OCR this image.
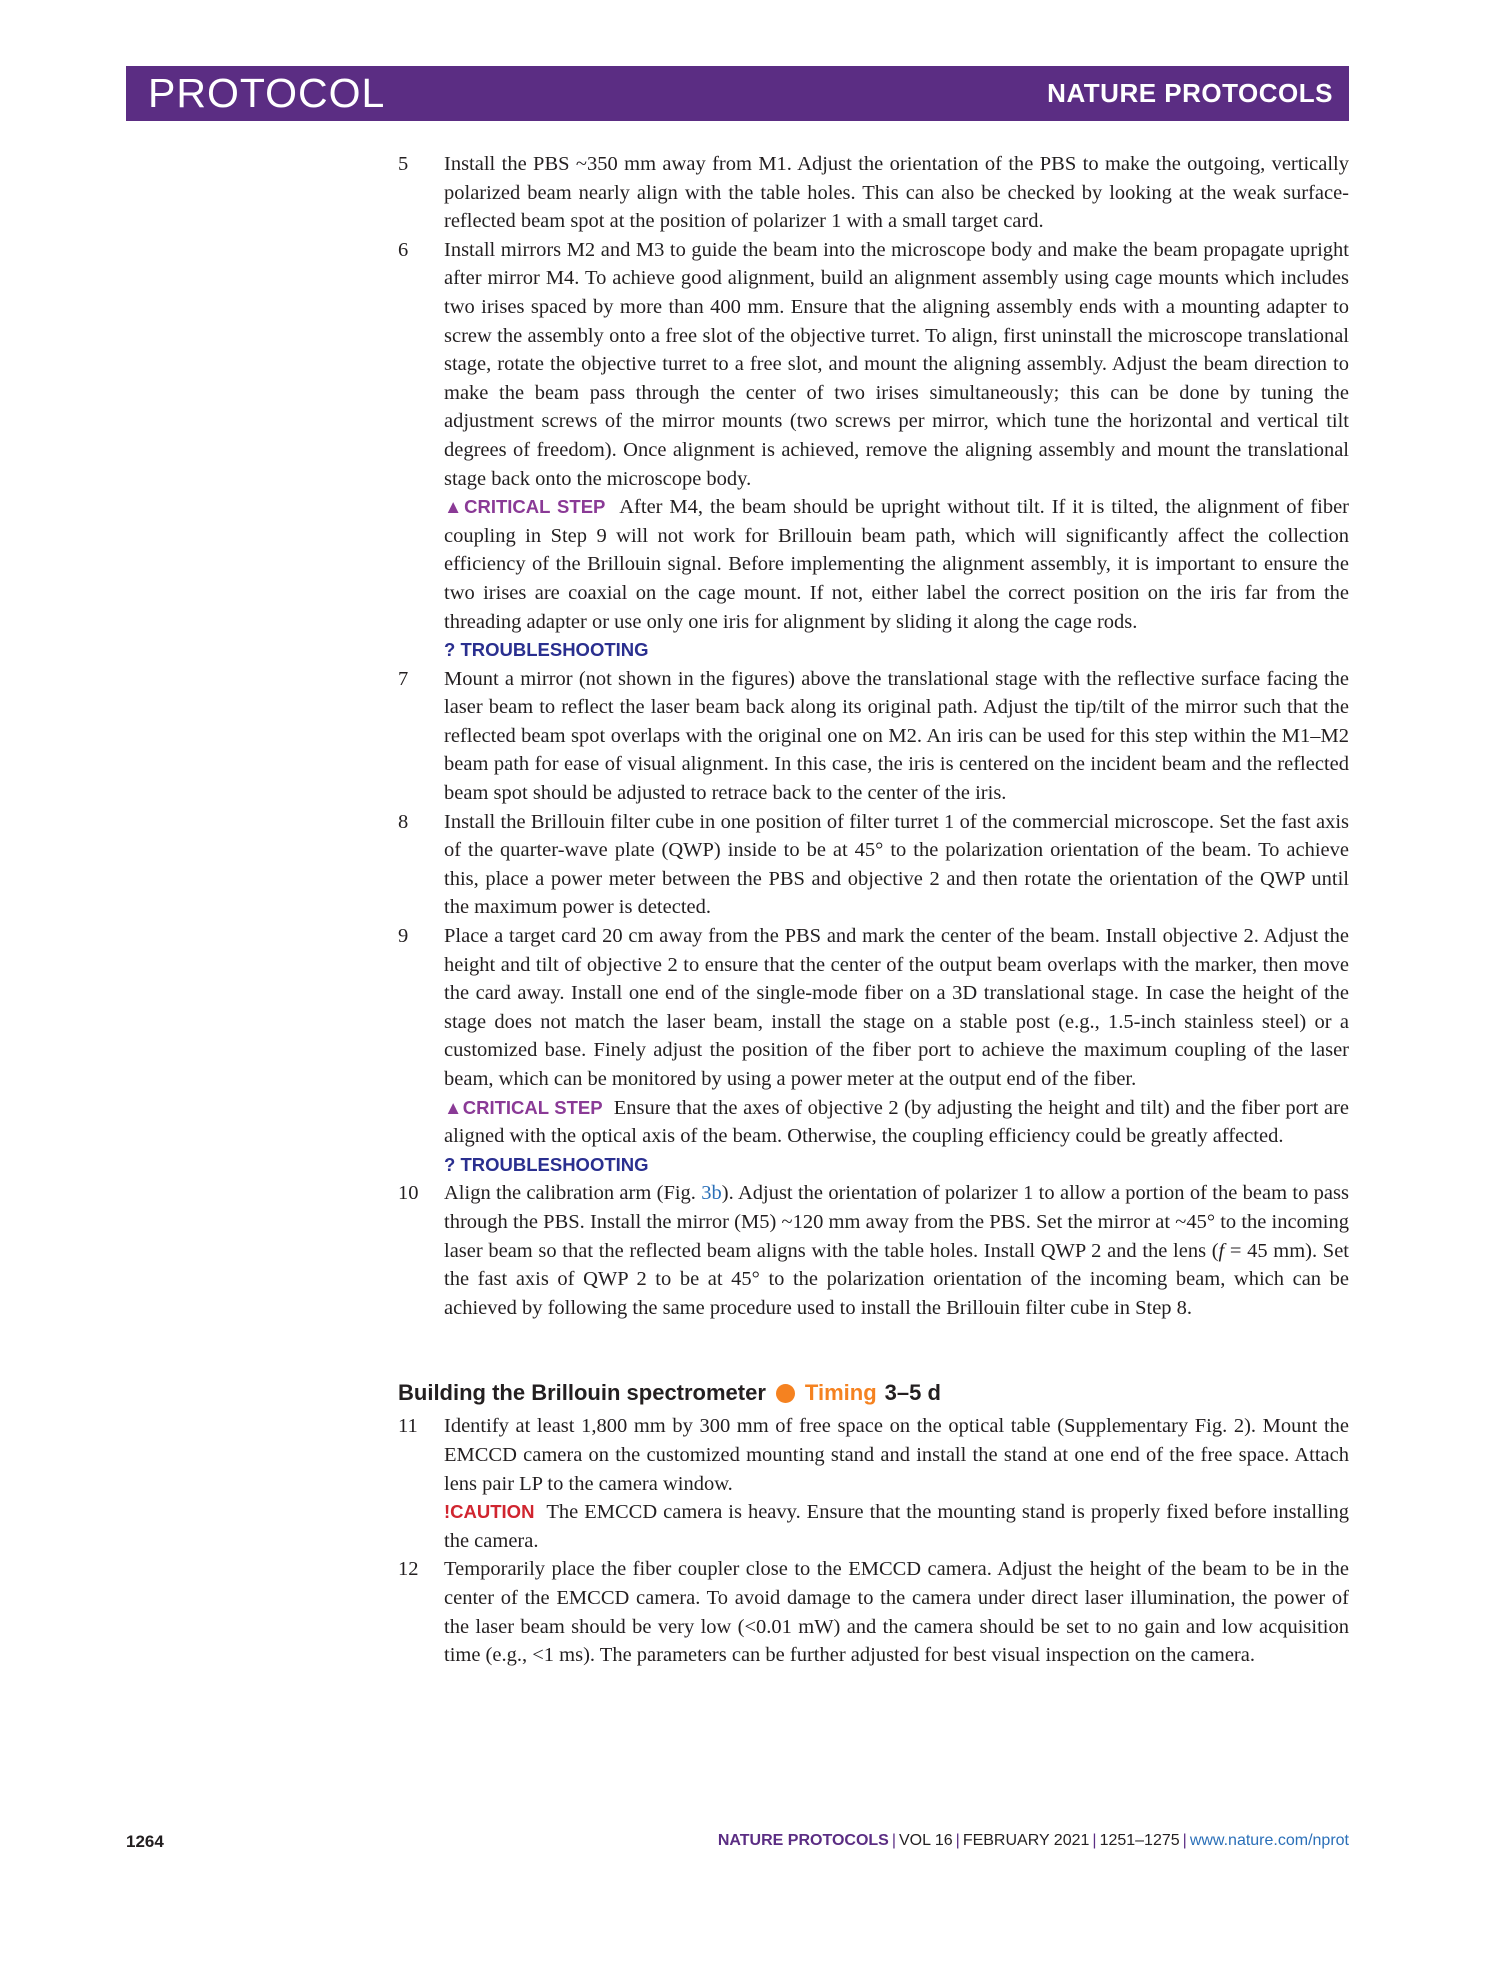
PROTOCOL	NATURE PROTOCOLS
5	Install the PBS ~350 mm away from M1. Adjust the orientation of the PBS to make the outgoing, vertically polarized beam nearly align with the table holes. This can also be checked by looking at the weak surface-reflected beam spot at the position of polarizer 1 with a small target card.

6	Install mirrors M2 and M3 to guide the beam into the microscope body and make the beam propagate upright after mirror M4. To achieve good alignment, build an alignment assembly using cage mounts which includes two irises spaced by more than 400 mm. Ensure that the aligning assembly ends with a mounting adapter to screw the assembly onto a free slot of the objective turret. To align, first uninstall the microscope translational stage, rotate the objective turret to a free slot, and mount the aligning assembly. Adjust the beam direction to make the beam pass through the center of two irises simultaneously; this can be done by tuning the adjustment screws of the mirror mounts (two screws per mirror, which tune the horizontal and vertical tilt degrees of freedom). Once alignment is achieved, remove the aligning assembly and mount the translational stage back onto the microscope body.

▲CRITICAL STEP After M4, the beam should be upright without tilt. If it is tilted, the alignment of fiber coupling in Step 9 will not work for Brillouin beam path, which will significantly affect the collection efficiency of the Brillouin signal. Before implementing the alignment assembly, it is important to ensure the two irises are coaxial on the cage mount. If not, either label the correct position on the iris far from the threading adapter or use only one iris for alignment by sliding it along the cage rods.

? TROUBLESHOOTING

7	Mount a mirror (not shown in the figures) above the translational stage with the reflective surface facing the laser beam to reflect the laser beam back along its original path. Adjust the tip/tilt of the mirror such that the reflected beam spot overlaps with the original one on M2. An iris can be used for this step within the M1–M2 beam path for ease of visual alignment. In this case, the iris is centered on the incident beam and the reflected beam spot should be adjusted to retrace back to the center of the iris.

8	Install the Brillouin filter cube in one position of filter turret 1 of the commercial microscope. Set the fast axis of the quarter-wave plate (QWP) inside to be at 45° to the polarization orientation of the beam. To achieve this, place a power meter between the PBS and objective 2 and then rotate the orientation of the QWP until the maximum power is detected.

9	Place a target card 20 cm away from the PBS and mark the center of the beam. Install objective 2. Adjust the height and tilt of objective 2 to ensure that the center of the output beam overlaps with the marker, then move the card away. Install one end of the single-mode fiber on a 3D translational stage. In case the height of the stage does not match the laser beam, install the stage on a stable post (e.g., 1.5-inch stainless steel) or a customized base. Finely adjust the position of the fiber port to achieve the maximum coupling of the laser beam, which can be monitored by using a power meter at the output end of the fiber.

▲CRITICAL STEP Ensure that the axes of objective 2 (by adjusting the height and tilt) and the fiber port are aligned with the optical axis of the beam. Otherwise, the coupling efficiency could be greatly affected.

? TROUBLESHOOTING

10	Align the calibration arm (Fig. 3b). Adjust the orientation of polarizer 1 to allow a portion of the beam to pass through the PBS. Install the mirror (M5) ~120 mm away from the PBS. Set the mirror at ~45° to the incoming laser beam so that the reflected beam aligns with the table holes. Install QWP 2 and the lens (f = 45 mm). Set the fast axis of QWP 2 to be at 45° to the polarization orientation of the incoming beam, which can be achieved by following the same procedure used to install the Brillouin filter cube in Step 8.

Building the Brillouin spectrometer Timing 3–5 d
11	Identify at least 1,800 mm by 300 mm of free space on the optical table (Supplementary Fig. 2). Mount the EMCCD camera on the customized mounting stand and install the stand at one end of the free space. Attach lens pair LP to the camera window.

!CAUTION The EMCCD camera is heavy. Ensure that the mounting stand is properly fixed before installing the camera.

12	Temporarily place the fiber coupler close to the EMCCD camera. Adjust the height of the beam to be in the center of the EMCCD camera. To avoid damage to the camera under direct laser illumination, the power of the laser beam should be very low (<0.01 mW) and the camera should be set to no gain and low acquisition time (e.g., <1 ms). The parameters can be further adjusted for best visual inspection on the camera.

1264	NATURE PROTOCOLS | VOL 16 | FEBRUARY 2021 | 1251–1275 | www.nature.com/nprot
